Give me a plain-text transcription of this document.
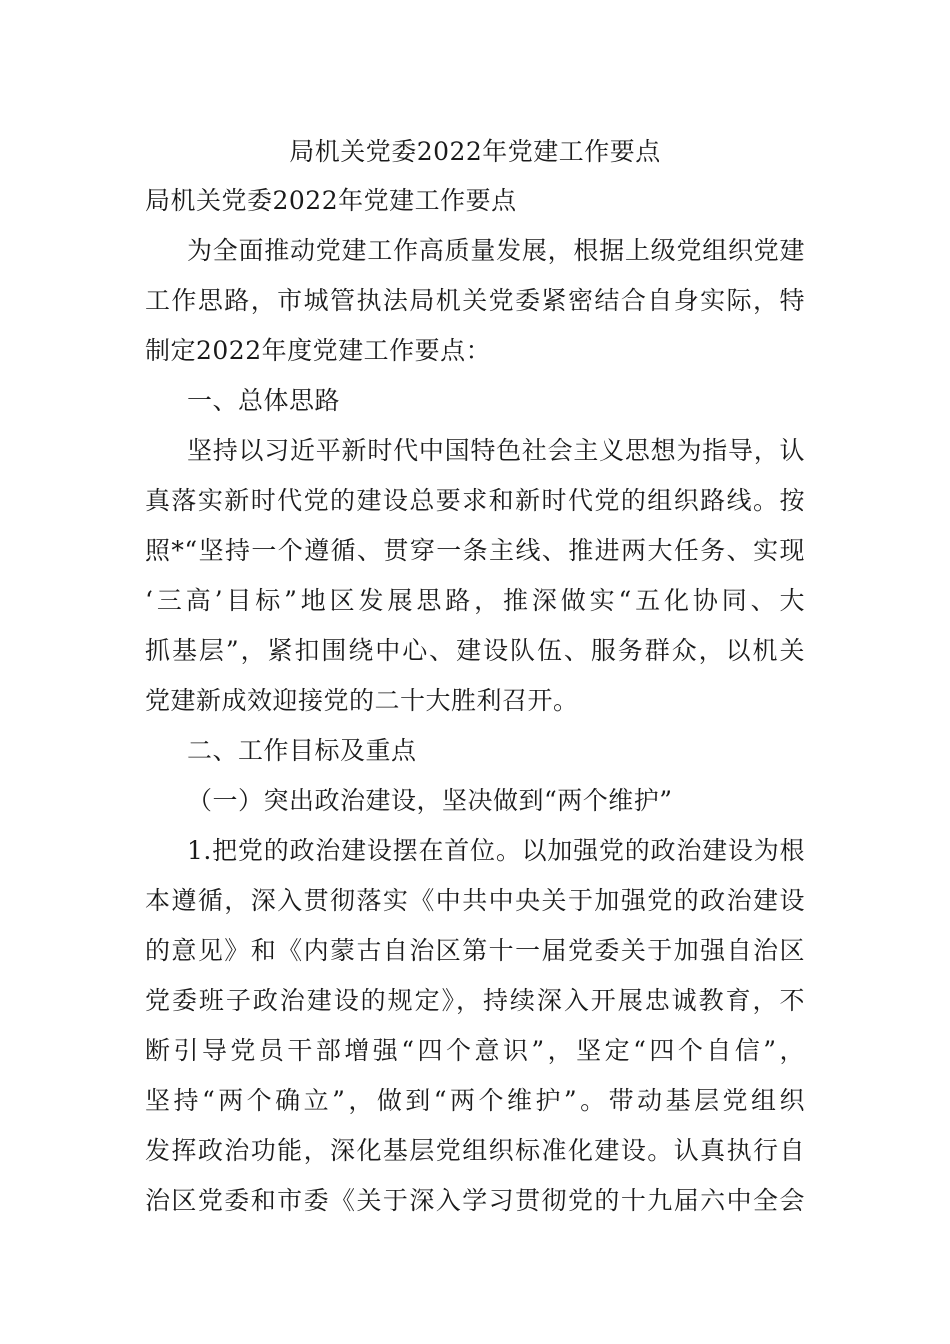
局机关党委2022年党建工作要点
局机关党委2022年党建工作要点
为全面推动党建工作高质量发展，根据上级党组织党建
工作思路，市城管执法局机关党委紧密结合自身实际，特
制定2022年度党建工作要点：
一、总体思路
坚持以习近平新时代中国特色社会主义思想为指导，认
真落实新时代党的建设总要求和新时代党的组织路线。按
照*“坚持一个遵循、贯穿一条主线、推进两大任务、实现
‘三高’目标”地区发展思路，推深做实“五化协同、大
抓基层”，紧扣围绕中心、建设队伍、服务群众，以机关
党建新成效迎接党的二十大胜利召开。
二、工作目标及重点
（一）突出政治建设，坚决做到“两个维护”
1.把党的政治建设摆在首位。以加强党的政治建设为根
本遵循，深入贯彻落实《中共中央关于加强党的政治建设
的意见》和《内蒙古自治区第十一届党委关于加强自治区
党委班子政治建设的规定》，持续深入开展忠诚教育，不
断引导党员干部增强“四个意识”，坚定“四个自信”，
坚持“两个确立”，做到“两个维护”。带动基层党组织
发挥政治功能，深化基层党组织标准化建设。认真执行自
治区党委和市委《关于深入学习贯彻党的十九届六中全会
